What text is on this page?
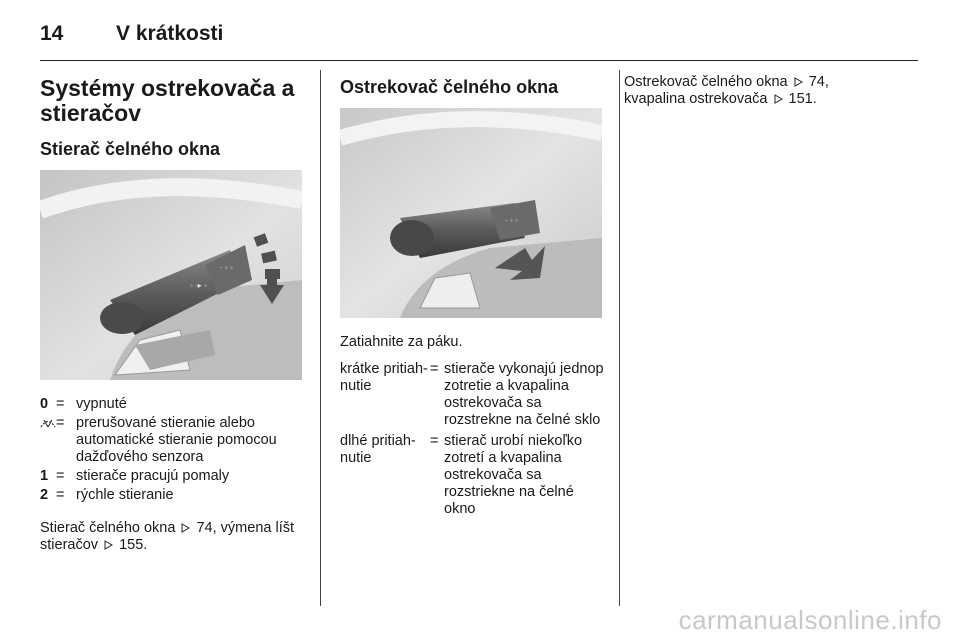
14	V krátkosti
Systémy ostrekovača a stieračov
Stierač čelného okna
◦ ·▸ ◦
· ◦ ◦
0 = vypnuté
= prerušované stieranie alebo automatické stieranie pomocou dažďového senzora
1 = stierače pracujú pomaly
2 = rýchle stieranie
Stierač čelného okna 74, výmena líšt stieračov 155.
Ostrekovač čelného okna
· ◦ ◦
Zatiahnite za páku.
krátke pritiah- nutie
= stierače vykonajú jednop zotretie a kvapalina ostrekovača sa rozstrekne na čelné sklo
dlhé pritiah- nutie
= stierač urobí niekoľko zotretí a kvapalina ostrekovača sa rozstriekne na čelné okno
Ostrekovač čelného okna 74,
kvapalina ostrekovača 151.
carmanualsonline.info
